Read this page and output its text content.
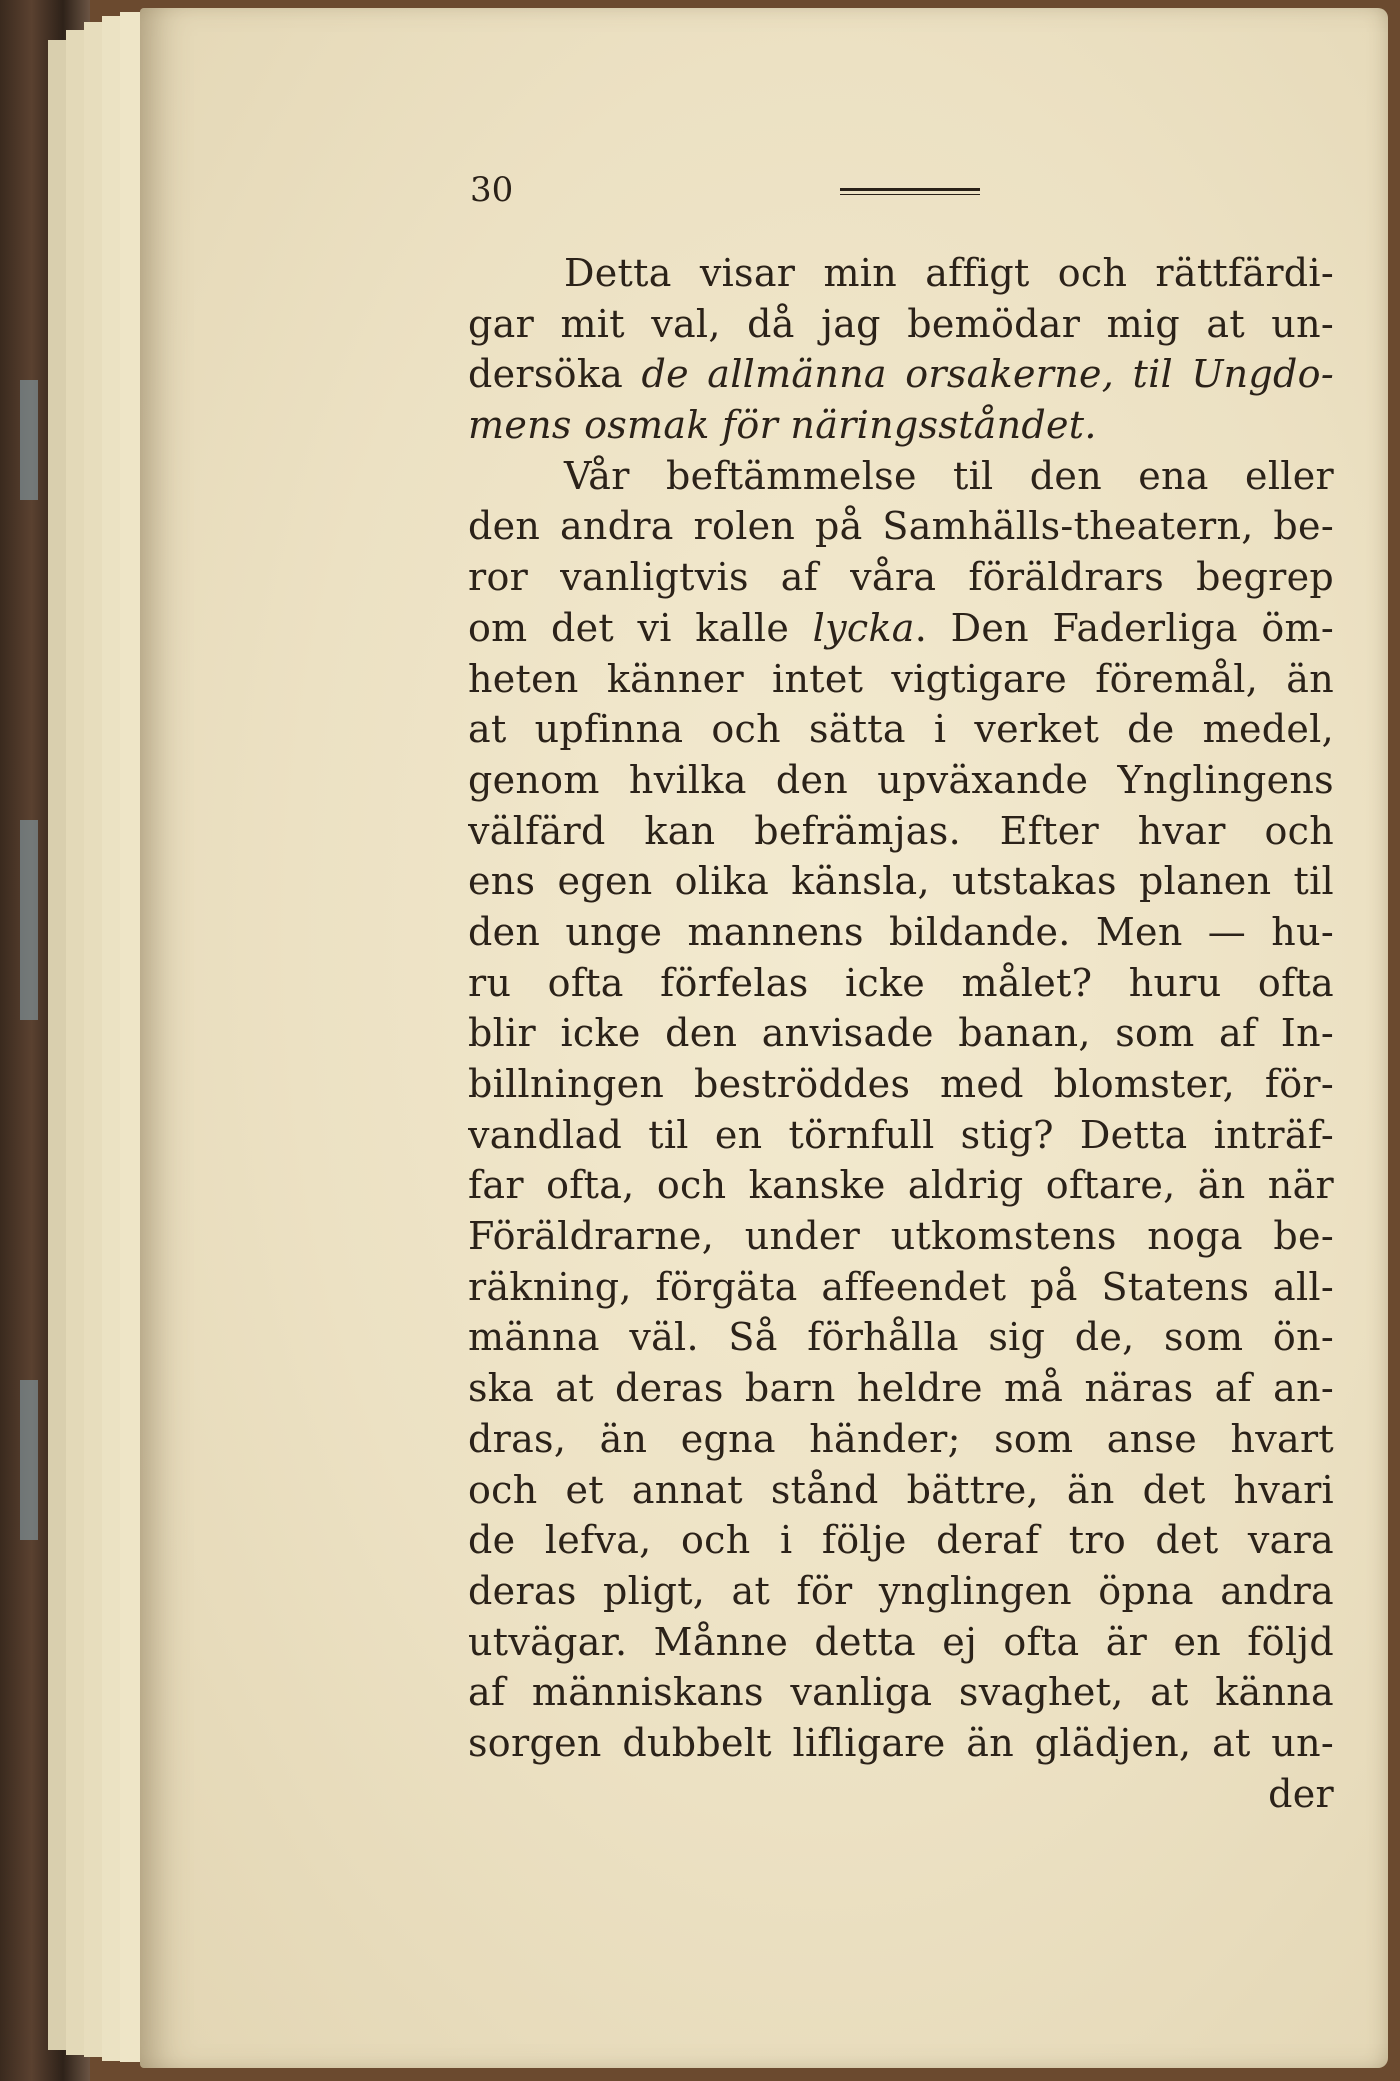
30
Detta visar min affigt och rättfärdi-
gar mit val, då jag bemödar mig at un-
dersöka de allmänna orsakerne, til Ungdo-
mens osmak för näringsståndet.
Vår beftämmelse til den ena eller
den andra rolen på Samhälls-theatern, be-
ror vanligtvis af våra föräldrars begrep
om det vi kalle lycka. Den Faderliga öm-
heten känner intet vigtigare föremål, än
at upfinna och sätta i verket de medel,
genom hvilka den upväxande Ynglingens
välfärd kan befrämjas. Efter hvar och
ens egen olika känsla, utstakas planen til
den unge mannens bildande. Men — hu-
ru ofta förfelas icke målet? huru ofta
blir icke den anvisade banan, som af In-
billningen beströddes med blomster, för-
vandlad til en törnfull stig? Detta inträf-
far ofta, och kanske aldrig oftare, än när
Föräldrarne, under utkomstens noga be-
räkning, förgäta affeendet på Statens all-
männa väl. Så förhålla sig de, som ön-
ska at deras barn heldre må näras af an-
dras, än egna händer; som anse hvart
och et annat stånd bättre, än det hvari
de lefva, och i följe deraf tro det vara
deras pligt, at för ynglingen öpna andra
utvägar. Månne detta ej ofta är en följd
af människans vanliga svaghet, at känna
sorgen dubbelt lifligare än glädjen, at un-
der
